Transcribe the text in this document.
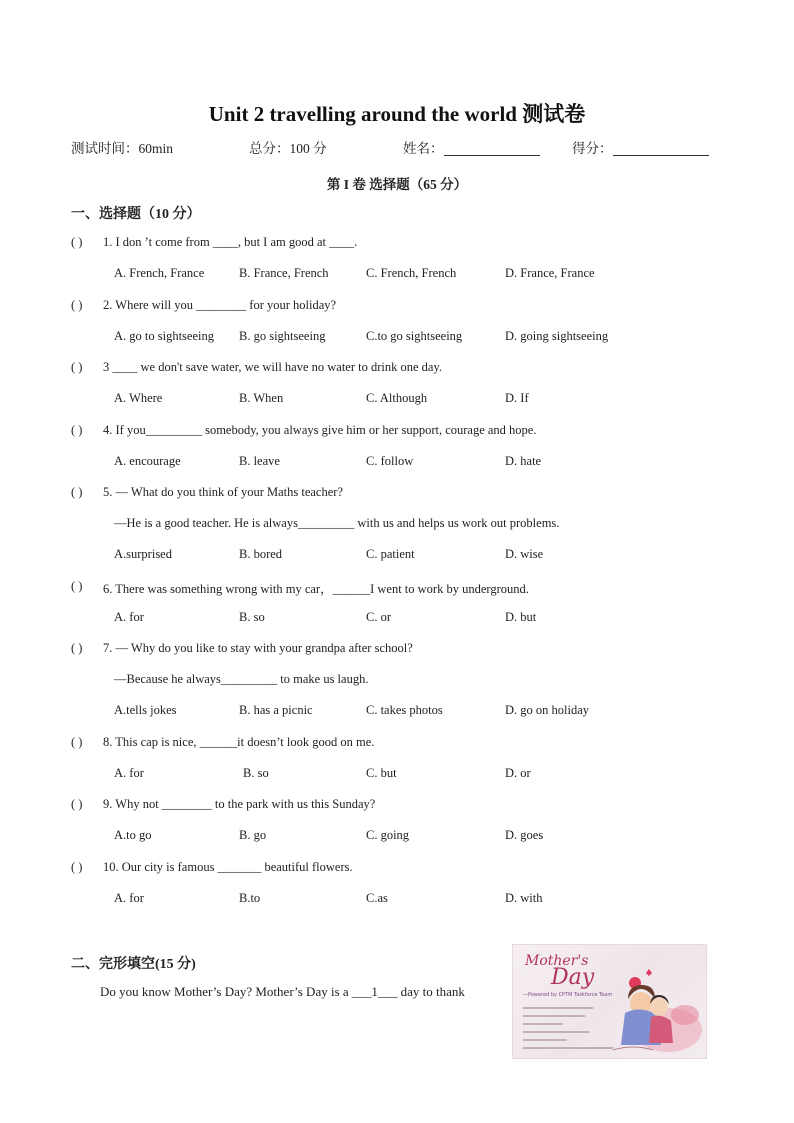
Unit 2 travelling around the world 测试卷
测试时间：60min	总分：100 分	姓名：	得分：
第 I 卷 选择题（65 分）
一、选择题（10 分）
( ) 1. I don ’t come from ____, but I am good at ____.
A. French, France	B. France, French	C. French, French	D. France, France
( ) 2. Where will you ________ for your holiday?
A. go to sightseeing B. go sightseeing	C.to go sightseeing	D. going sightseeing
( ) 3 ____ we don't save water, we will have no water to drink one day.
A. Where	B. When	C. Although	D. If
( ) 4. If you_________ somebody, you always give him or her support, courage and hope.
A. encourage	B. leave	C. follow	D. hate
( ) 5. — What do you think of your Maths teacher?
—He is a good teacher. He is always_________ with us and helps us work out problems.
A.surprised	B. bored	C. patient	D. wise
( ) 6. There was something wrong with my car，______I went to work by underground.
A. for	B. so	C. or	D. but
( ) 7. — Why do you like to stay with your grandpa after school?
—Because he always_________ to make us laugh.
A.tells jokes	B. has a picnic	C. takes photos	D. go on holiday
( ) 8. This cap is nice, ______it doesn’t look good on me.
A. for	B. so	C. but	D. or
( ) 9. Why not ________ to the park with us this Sunday?
A.to go	B. go	C. going	D. goes
( ) 10. Our city is famous _______ beautiful flowers.
A. for	B.to	C.as	D. with
二、完形填空(15 分)
Do you know Mother’s Day? Mother’s Day is a ___1___ day to thank
Mother's
Day
—Powered by CPTM Taskforce Team
